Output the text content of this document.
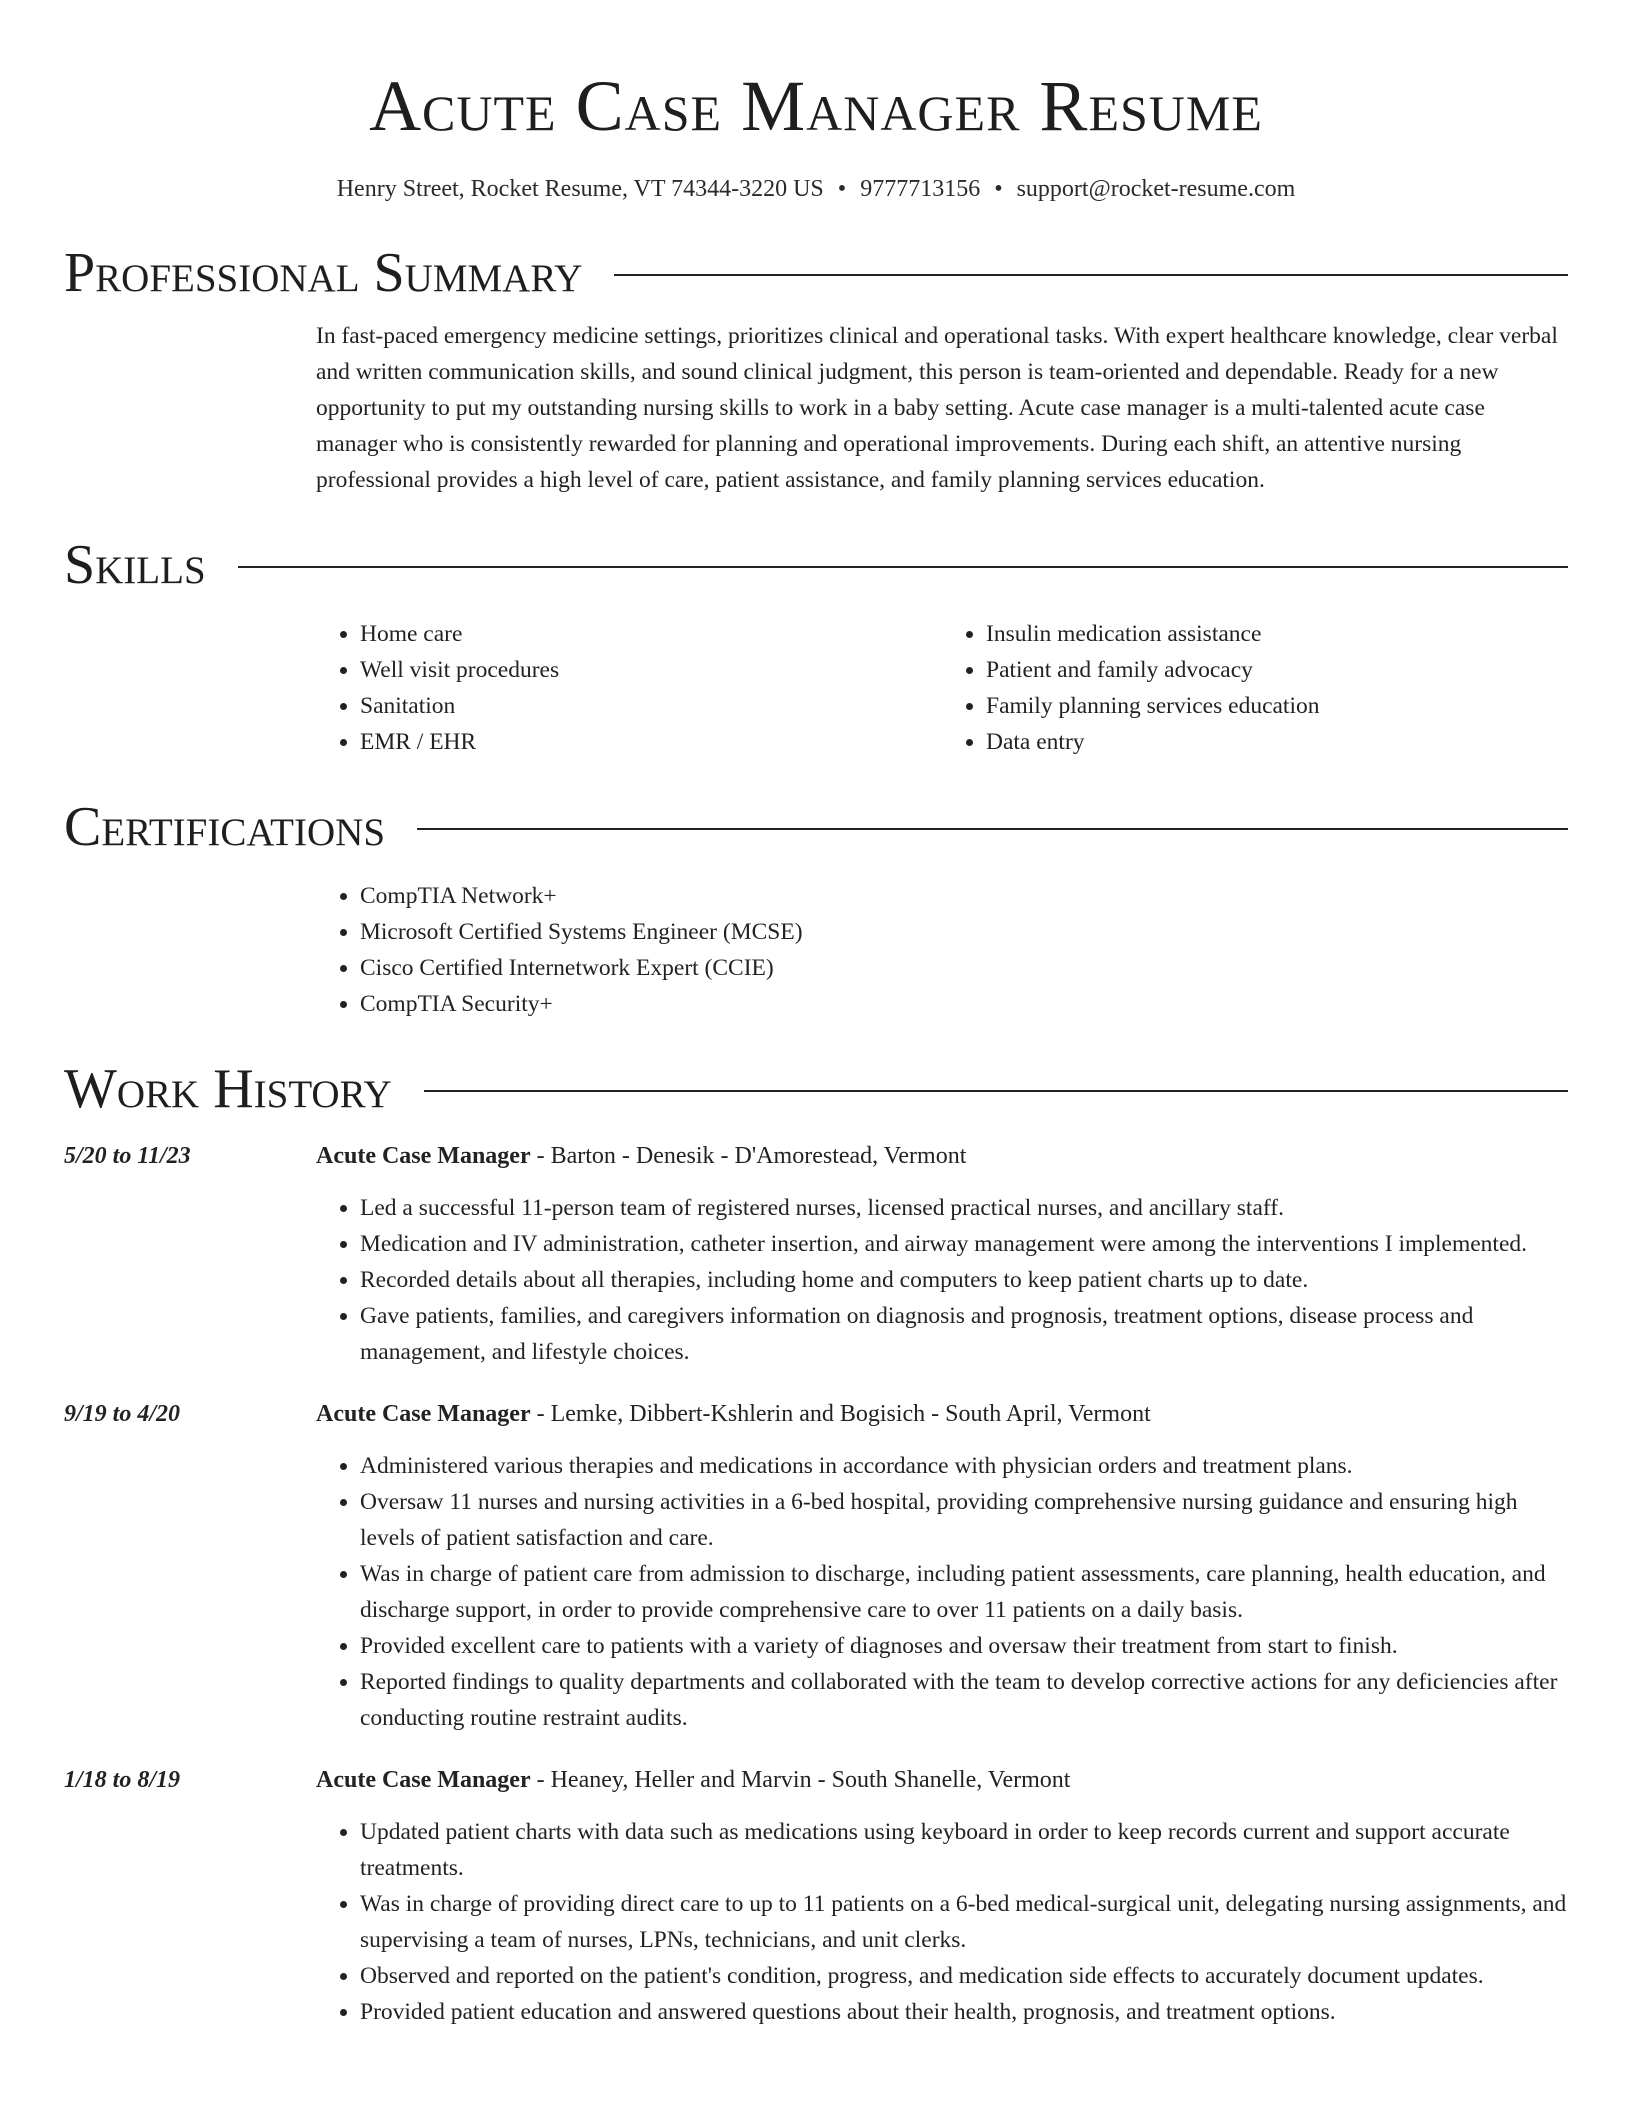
Acute Case Manager Resume
Henry Street, Rocket Resume, VT 74344-3220 US • 9777713156 • support@rocket-resume.com
Professional Summary
In fast-paced emergency medicine settings, prioritizes clinical and operational tasks. With expert healthcare knowledge, clear verbal and written communication skills, and sound clinical judgment, this person is team-oriented and dependable. Ready for a new opportunity to put my outstanding nursing skills to work in a baby setting. Acute case manager is a multi-talented acute case manager who is consistently rewarded for planning and operational improvements. During each shift, an attentive nursing professional provides a high level of care, patient assistance, and family planning services education.
Skills
• Home care
• Well visit procedures
• Sanitation
• EMR / EHR
• Insulin medication assistance
• Patient and family advocacy
• Family planning services education
• Data entry
Certifications
• CompTIA Network+
• Microsoft Certified Systems Engineer (MCSE)
• Cisco Certified Internetwork Expert (CCIE)
• CompTIA Security+
Work History
5/20 to 11/23	Acute Case Manager - Barton - Denesik - D'Amorestead, Vermont
• Led a successful 11-person team of registered nurses, licensed practical nurses, and ancillary staff.
• Medication and IV administration, catheter insertion, and airway management were among the interventions I implemented.
• Recorded details about all therapies, including home and computers to keep patient charts up to date.
• Gave patients, families, and caregivers information on diagnosis and prognosis, treatment options, disease process and management, and lifestyle choices.
9/19 to 4/20	Acute Case Manager - Lemke, Dibbert-Kshlerin and Bogisich - South April, Vermont
• Administered various therapies and medications in accordance with physician orders and treatment plans.
• Oversaw 11 nurses and nursing activities in a 6-bed hospital, providing comprehensive nursing guidance and ensuring high levels of patient satisfaction and care.
• Was in charge of patient care from admission to discharge, including patient assessments, care planning, health education, and discharge support, in order to provide comprehensive care to over 11 patients on a daily basis.
• Provided excellent care to patients with a variety of diagnoses and oversaw their treatment from start to finish.
• Reported findings to quality departments and collaborated with the team to develop corrective actions for any deficiencies after conducting routine restraint audits.
1/18 to 8/19	Acute Case Manager - Heaney, Heller and Marvin - South Shanelle, Vermont
• Updated patient charts with data such as medications using keyboard in order to keep records current and support accurate treatments.
• Was in charge of providing direct care to up to 11 patients on a 6-bed medical-surgical unit, delegating nursing assignments, and supervising a team of nurses, LPNs, technicians, and unit clerks.
• Observed and reported on the patient's condition, progress, and medication side effects to accurately document updates.
• Provided patient education and answered questions about their health, prognosis, and treatment options.
